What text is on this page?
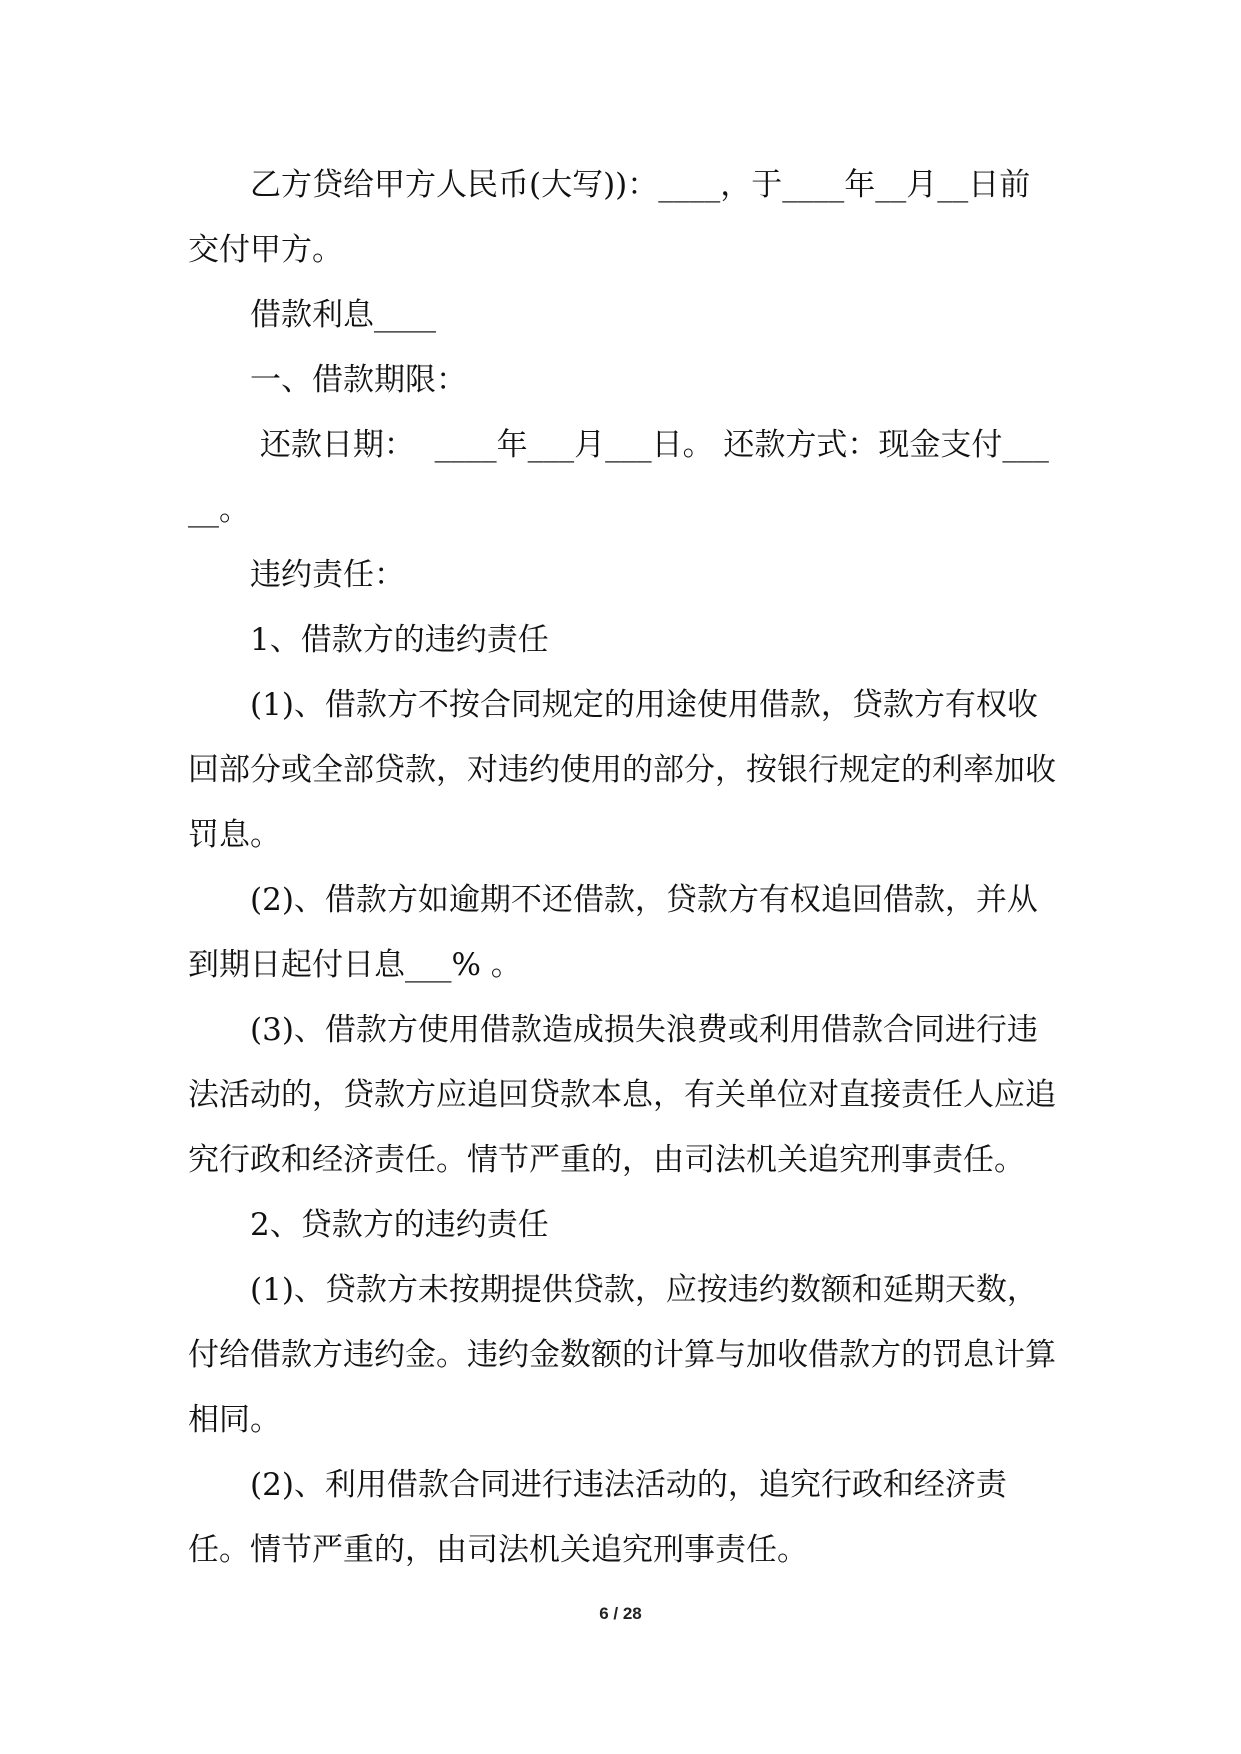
乙方贷给甲方人民币(大写))：____，于____年__月__日前交付甲方。

借款利息____

一、借款期限：

还款日期：  ____年___月___日。 还款方式：现金支付_____。

违约责任：

1、借款方的违约责任

(1)、借款方不按合同规定的用途使用借款，贷款方有权收回部分或全部贷款，对违约使用的部分，按银行规定的利率加收罚息。

(2)、借款方如逾期不还借款，贷款方有权追回借款，并从到期日起付日息___% 。

(3)、借款方使用借款造成损失浪费或利用借款合同进行违法活动的，贷款方应追回贷款本息，有关单位对直接责任人应追究行政和经济责任。情节严重的，由司法机关追究刑事责任。

2、贷款方的违约责任

(1)、贷款方未按期提供贷款，应按违约数额和延期天数，付给借款方违约金。违约金数额的计算与加收借款方的罚息计算相同。

(2)、利用借款合同进行违法活动的，追究行政和经济责任。情节严重的，由司法机关追究刑事责任。

6 / 28
